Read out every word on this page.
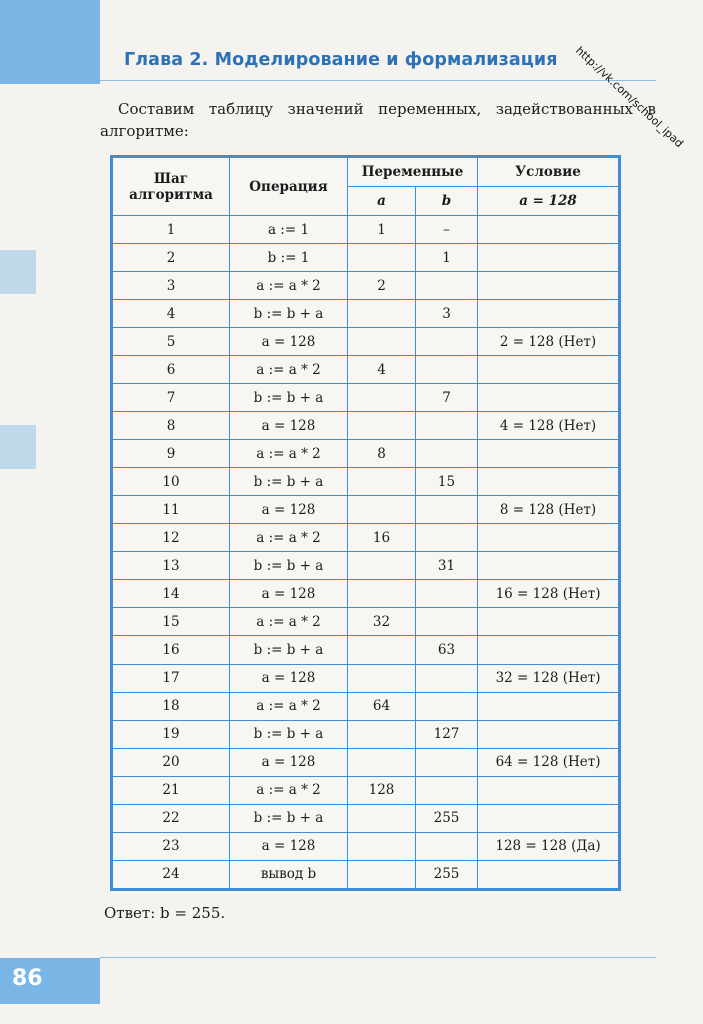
Глава 2. Моделирование и формализация http://vk.com/school_ipad
Составим таблицу значений переменных, задействованных в алгоритме:
Шаг алгоритма	Операция	Переменные		Условие
		a	b	a = 128
1	a := 1	1	–	
2	b := 1		1	
3	a := a * 2	2		
4	b := b + a		3	
5	a = 128			2 = 128 (Нет)
6	a := a * 2	4		
7	b := b + a		7	
8	a = 128			4 = 128 (Нет)
9	a := a * 2	8		
10	b := b + a		15	
11	a = 128			8 = 128 (Нет)
12	a := a * 2	16		
13	b := b + a		31	
14	a = 128			16 = 128 (Нет)
15	a := a * 2	32		
16	b := b + a		63	
17	a = 128			32 = 128 (Нет)
18	a := a * 2	64		
19	b := b + a		127	
20	a = 128			64 = 128 (Нет)
21	a := a * 2	128		
22	b := b + a		255	
23	a = 128			128 = 128 (Да)
24	вывод b		255	
Ответ: b = 255.
86
